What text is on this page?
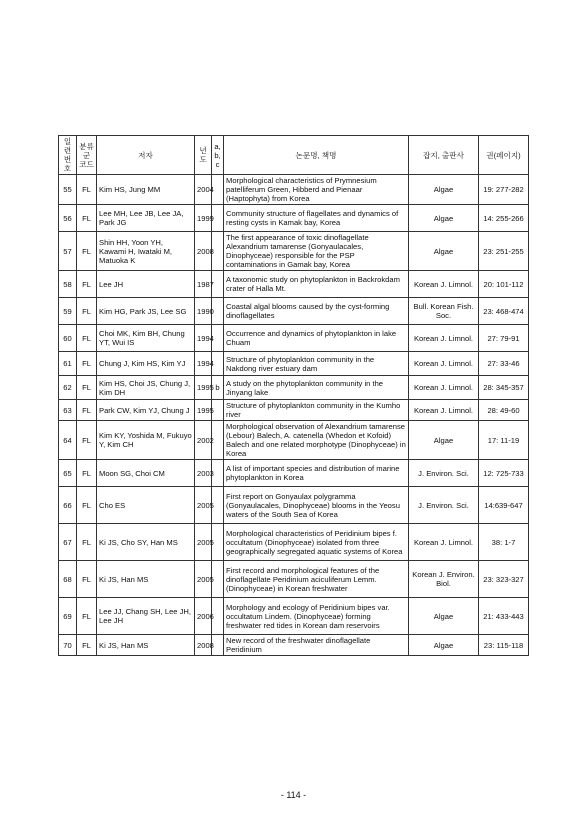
일련 번호	분류군 코드	저자	년도	a, b, c	논문명, 책명	잡지, 출판사	권(페이지)
55	FL	Kim HS, Jung MM	2004		Morphological characteristics of Prymnesium patelliferum Green, Hibberd and Pienaar (Haptophyta) from Korea	Algae	19: 277-282
56	FL	Lee MH, Lee JB, Lee JA, Park JG	1999		Community structure of flagellates and dynamics of resting cysts in Kamak bay, Korea	Algae	14: 255-266
57	FL	Shin HH, Yoon YH, Kawami H, Iwataki M, Matuoka K	2008		The first appearance of toxic dinoflagellate Alexandrium tamarense (Gonyaulacales, Dinophyceae) responsible for the PSP contaminations in Gamak bay, Korea	Algae	23: 251-255
58	FL	Lee JH	1987		A taxonomic study on phytoplankton in Backrokdam crater of Halla Mt.	Korean J. Limnol.	20: 101-112
59	FL	Kim HG, Park JS, Lee SG	1990		Coastal algal blooms caused by the cyst-forming dinoflagellates	Bull. Korean Fish. Soc.	23: 468-474
60	FL	Choi MK, Kim BH, Chung YT, Wui IS	1994		Occurrence and dynamics of phytoplankton in lake Chuam	Korean J. Limnol.	27: 79-91
61	FL	Chung J, Kim HS, Kim YJ	1994		Structure of phytoplankton community in the Nakdong river estuary dam	Korean J. Limnol.	27: 33-46
62	FL	Kim HS, Choi JS, Chung J, Kim DH	1995	b	A study on the phytoplankton community in the Jinyang lake	Korean J. Limnol.	28: 345-357
63	FL	Park CW, Kim YJ, Chung J	1995		Structure of phytoplankton community in the Kumho river	Korean J. Limnol.	28: 49-60
64	FL	Kim KY, Yoshida M, Fukuyo Y, Kim CH	2002		Morphological observation of Alexandrium tamarense (Lebour) Balech, A. catenella (Whedon et Kofoid) Balech and one related morphotype (Dinophyceae) in Korea	Algae	17: 11-19
65	FL	Moon SG, Choi CM	2003		A list of important species and distribution of marine phytoplankton in Korea	J. Environ. Sci.	12: 725-733
66	FL	Cho ES	2005		First report on Gonyaulax polygramma (Gonyaulacales, Dinophyceae) blooms in the Yeosu waters of the South Sea of Korea	J. Environ. Sci.	14:639-647
67	FL	Ki JS, Cho SY, Han MS	2005		Morphological characteristics of Peridinium bipes f. occultatum (Dinophyceae) isolated from three geographically segregated aquatic systems of Korea	Korean J. Limnol.	38: 1-7
68	FL	Ki JS, Han MS	2005		First record and morphological features of the dinoflagellate Peridinium aciculiferum Lemm. (Dinophyceae) in Korean freshwater	Korean J. Environ. Biol.	23: 323-327
69	FL	Lee JJ, Chang SH, Lee JH, Lee JH	2006		Morphology and ecology of Peridinium bipes var. occultatum Lindem. (Dinophyceae) forming freshwater red tides in Korean dam reservoirs	Algae	21: 433-443
70	FL	Ki JS, Han MS	2008		New record of the freshwater dinoflagellate Peridinium	Algae	23: 115-118
- 114 -
